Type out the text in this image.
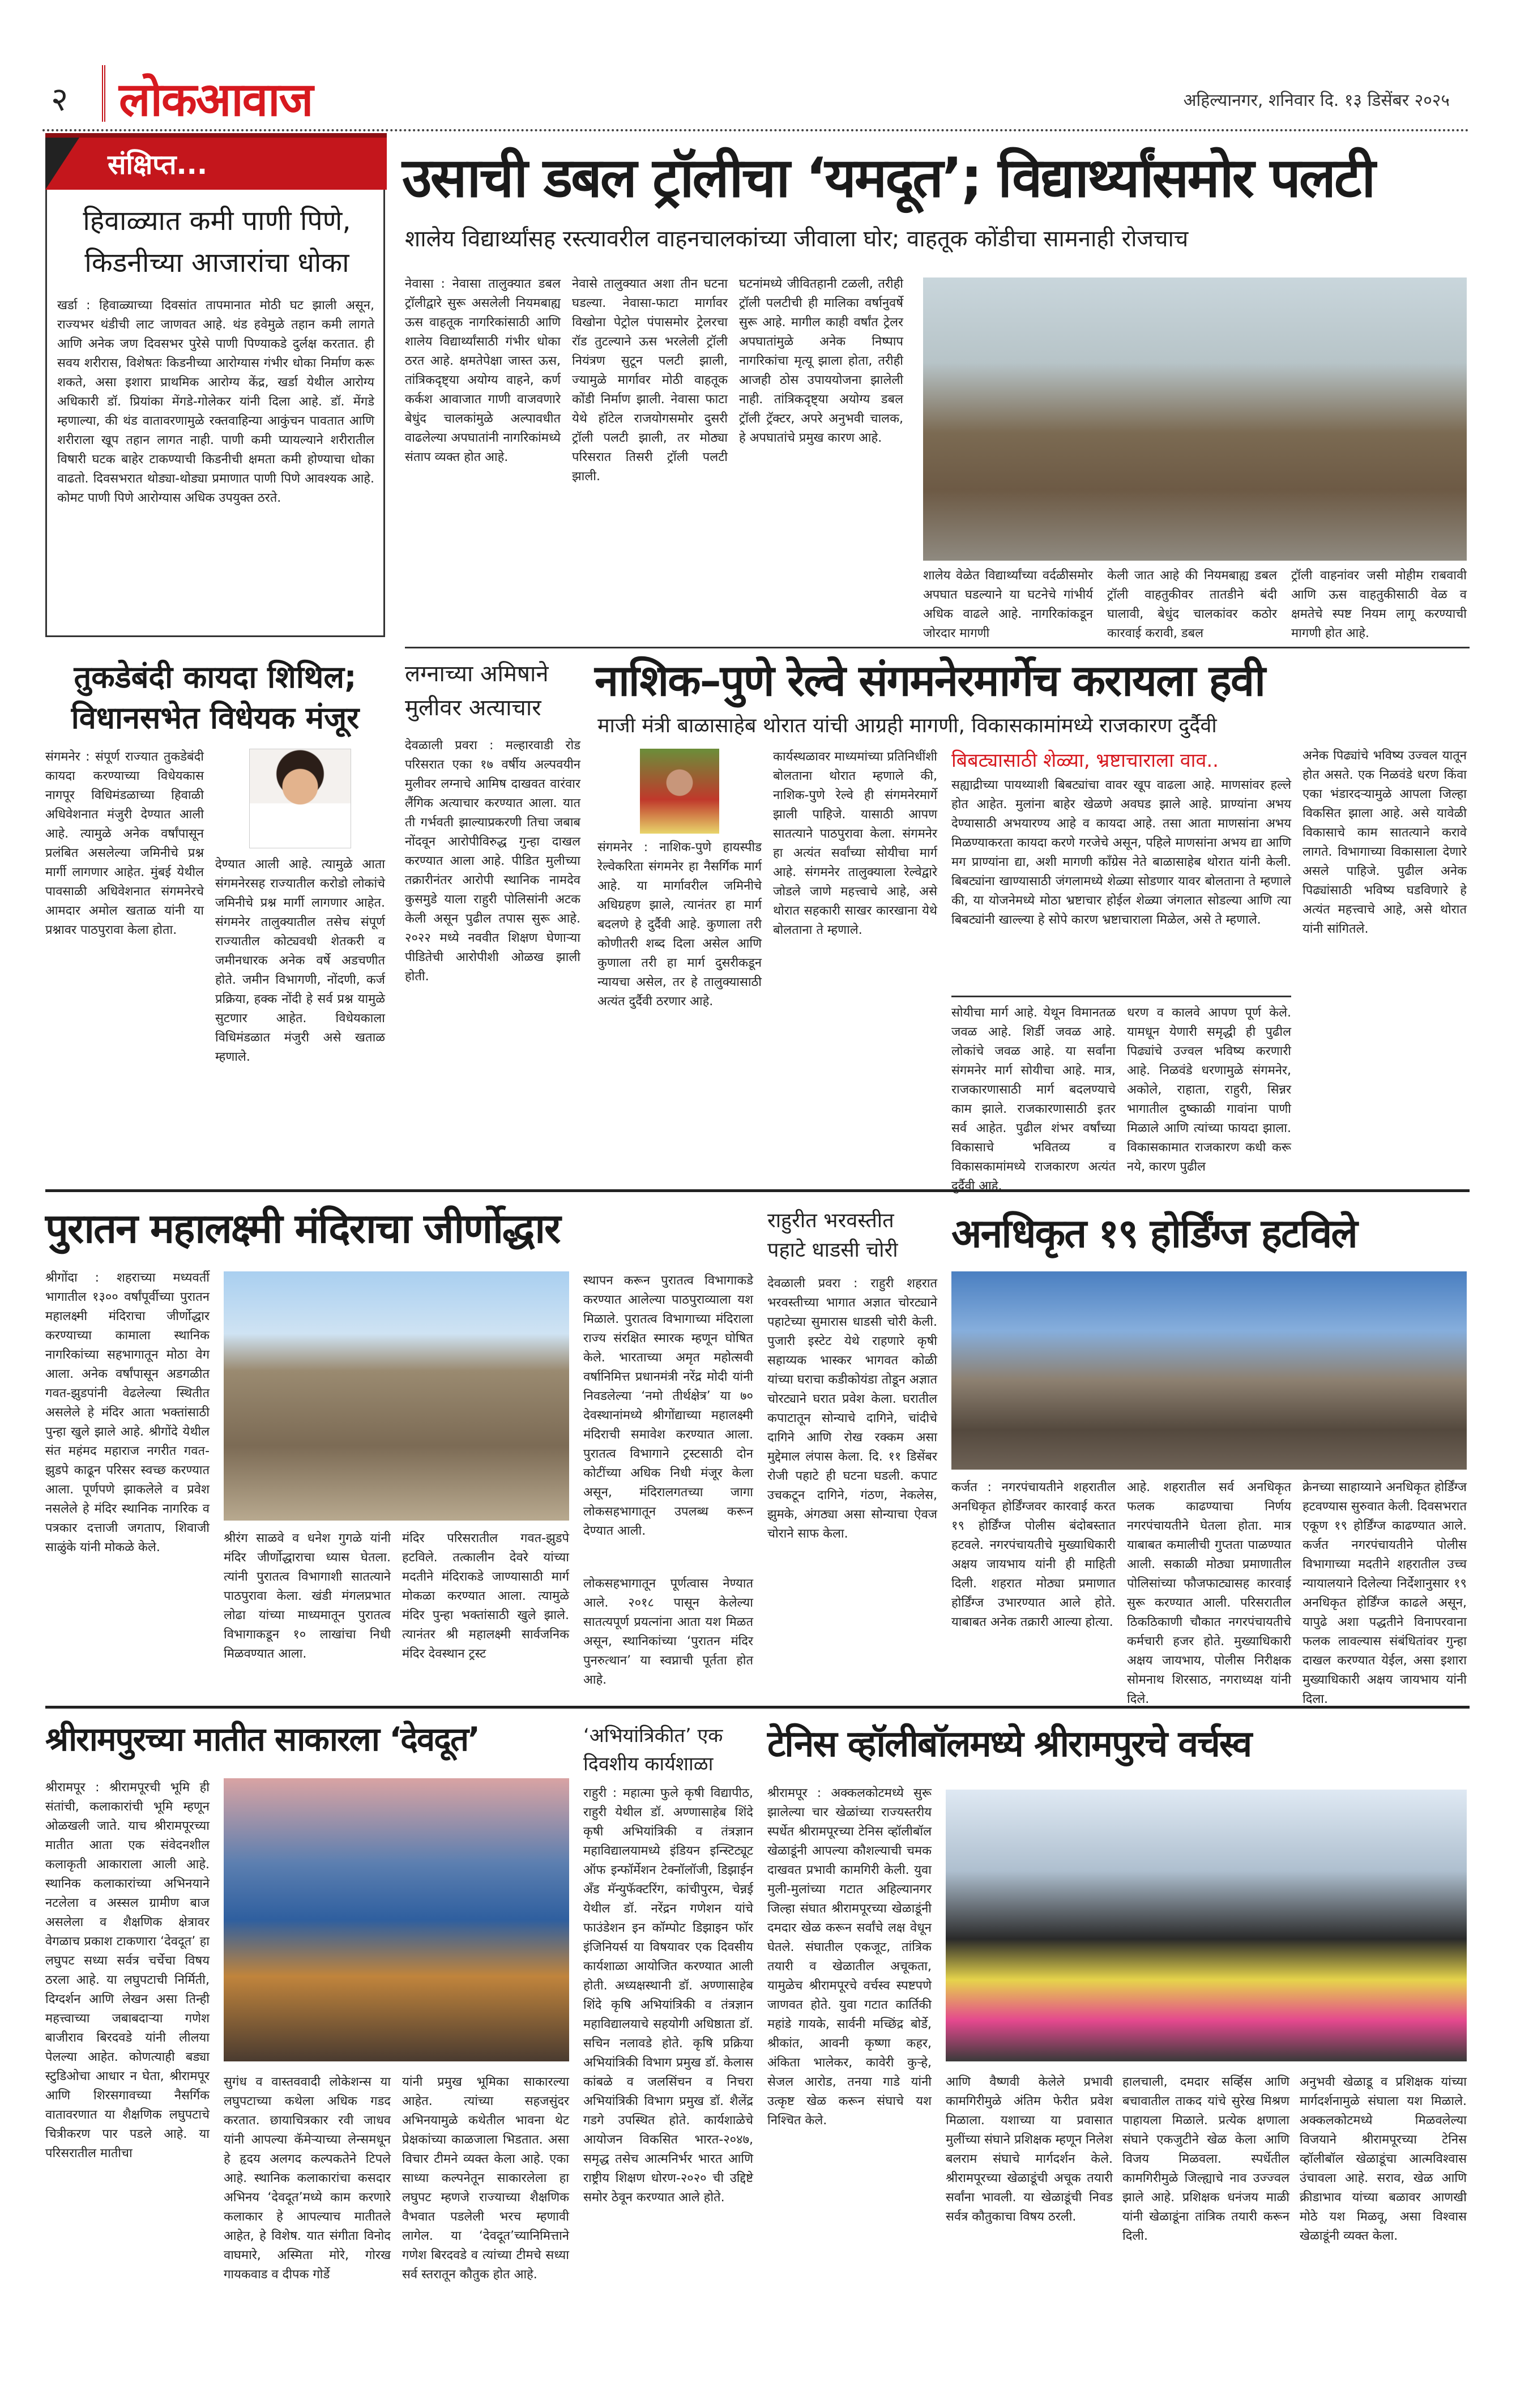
२ लोकआवाज	अहिल्यानगर, शनिवार दि. १३ डिसेंबर २०२५
संक्षिप्त...
हिवाळ्यात कमी पाणी पिणे,
किडनीच्या आजारांचा धोका
खर्डा : हिवाळ्याच्या दिवसांत तापमानात मोठी घट झाली असून, राज्यभर थंडीची लाट जाणवत आहे. थंड हवेमुळे तहान कमी लागते आणि अनेक जण दिवसभर पुरेसे पाणी पिण्याकडे दुर्लक्ष करतात. ही सवय शरीरास, विशेषतः किडनीच्या आरोग्यास गंभीर धोका निर्माण करू शकते, असा इशारा प्राथमिक आरोग्य केंद्र, खर्डा येथील आरोग्य अधिकारी डॉ. प्रियांका मेंगडे-गोलेकर यांनी दिला आहे. डॉ. मेंगडे म्हणाल्या, की थंड वातावरणामुळे रक्तवाहिन्या आकुंचन पावतात आणि शरीराला खूप तहान लागत नाही. पाणी कमी प्यायल्याने शरीरातील विषारी घटक बाहेर टाकण्याची किडनीची क्षमता कमी होण्याचा धोका वाढतो. दिवसभरात थोड्या-थोड्या प्रमाणात पाणी पिणे आवश्यक आहे. कोमट पाणी पिणे आरोग्यास अधिक उपयुक्त ठरते.
उसाची डबल ट्रॉलीचा ‘यमदूत’; विद्यार्थ्यांसमोर पलटी
शालेय विद्यार्थ्यांसह रस्त्यावरील वाहनचालकांच्या जीवाला घोर; वाहतूक कोंडीचा सामनाही रोजचाच
नेवासा : नेवासा तालुक्यात डबल ट्रॉलीद्वारे सुरू असलेली नियमबाह्य ऊस वाहतूक नागरिकांसाठी आणि शालेय विद्यार्थ्यांसाठी गंभीर धोका ठरत आहे. क्षमतेपेक्षा जास्त ऊस, तांत्रिकदृष्ट्या अयोग्य वाहने, कर्ण कर्कश आवाजात गाणी वाजवणारे बेधुंद चालकांमुळे अल्पावधीत वाढलेल्या अपघातांनी नागरिकांमध्ये संताप व्यक्त होत आहे.
नेवासे तालुक्यात अशा तीन घटना घडल्या. नेवासा-फाटा मार्गावर विखोना पेट्रोल पंपासमोर ट्रेलरचा रॉड तुटल्याने ऊस भरलेली ट्रॉली नियंत्रण सुटून पलटी झाली, ज्यामुळे मार्गावर मोठी वाहतूक कोंडी निर्माण झाली. नेवासा फाटा येथे हॉटेल राजयोगसमोर दुसरी ट्रॉली पलटी झाली, तर मोठ्या परिसरात तिसरी ट्रॉली पलटी झाली.
घटनांमध्ये जीवितहानी टळली, तरीही ट्रॉली पलटीची ही मालिका वर्षानुवर्षे सुरू आहे. मागील काही वर्षांत ट्रेलर अपघातांमुळे अनेक निष्पाप नागरिकांचा मृत्यू झाला होता, तरीही आजही ठोस उपाययोजना झालेली नाही. तांत्रिकदृष्ट्या अयोग्य डबल ट्रॉली ट्रॅक्टर, अपरे अनुभवी चालक, हे अपघातांचे प्रमुख कारण आहे.
शालेय वेळेत विद्यार्थ्यांच्या वर्दळीसमोर अपघात घडल्याने या घटनेचे गांभीर्य अधिक वाढले आहे. नागरिकांकडून जोरदार मागणी
केली जात आहे की नियमबाह्य डबल ट्रॉली वाहतुकीवर तातडीने बंदी घालावी, बेधुंद चालकांवर कठोर कारवाई करावी, डबल
ट्रॉली वाहनांवर जसी मोहीम राबवावी आणि ऊस वाहतुकीसाठी वेळ व क्षमतेचे स्पष्ट नियम लागू करण्याची मागणी होत आहे.
तुकडेबंदी कायदा शिथिल;
विधानसभेत विधेयक मंजूर
संगमनेर : संपूर्ण राज्यात तुकडेबंदी कायदा करण्याच्या विधेयकास नागपूर विधिमंडळाच्या हिवाळी अधिवेशनात मंजुरी देण्यात आली आहे. त्यामुळे अनेक वर्षांपासून प्रलंबित असलेल्या जमिनीचे प्रश्न मार्गी लागणार आहेत. मुंबई येथील पावसाळी अधिवेशनात संगमनेरचे आमदार अमोल खताळ यांनी या प्रश्नावर पाठपुरावा केला होता.
देण्यात आली आहे. त्यामुळे आता संगमनेरसह राज्यातील करोडो लोकांचे जमिनीचे प्रश्न मार्गी लागणार आहेत. संगमनेर तालुक्यातील तसेच संपूर्ण राज्यातील कोट्यवधी शेतकरी व जमीनधारक अनेक वर्षे अडचणीत होते. जमीन विभागणी, नोंदणी, कर्ज प्रक्रिया, हक्क नोंदी हे सर्व प्रश्न यामुळे सुटणार आहेत. विधेयकाला विधिमंडळात मंजुरी असे खताळ म्हणाले.
लग्नाच्या अमिषाने
मुलीवर अत्याचार
देवळाली प्रवरा : मल्हारवाडी रोड परिसरात एका १७ वर्षीय अल्पवयीन मुलीवर लग्नाचे आमिष दाखवत वारंवार लैंगिक अत्याचार करण्यात आला. यात ती गर्भवती झाल्याप्रकरणी तिचा जबाब नोंदवून आरोपीविरुद्ध गुन्हा दाखल करण्यात आला आहे. पीडित मुलीच्या तक्रारीनंतर आरोपी स्थानिक नामदेव कुसमुडे याला राहुरी पोलिसांनी अटक केली असून पुढील तपास सुरू आहे. २०२२ मध्ये नववीत शिक्षण घेणाऱ्या पीडितेची आरोपीशी ओळख झाली होती.
नाशिक–पुणे रेल्वे संगमनेरमार्गेच करायला हवी
माजी मंत्री बाळासाहेब थोरात यांची आग्रही मागणी, विकासकामांमध्ये राजकारण दुर्दैवी
संगमनेर : नाशिक-पुणे हायस्पीड रेल्वेकरिता संगमनेर हा नैसर्गिक मार्ग आहे. या मार्गावरील जमिनीचे अधिग्रहण झाले, त्यानंतर हा मार्ग बदलणे हे दुर्दैवी आहे. कुणाला तरी कोणीतरी शब्द दिला असेल आणि कुणाला तरी हा मार्ग दुसरीकडून न्यायचा असेल, तर हे तालुक्यासाठी अत्यंत दुर्दैवी ठरणार आहे.
कार्यस्थळावर माध्यमांच्या प्रतिनिधींशी बोलताना थोरात म्हणाले की, नाशिक-पुणे रेल्वे ही संगमनेरमार्गे झाली पाहिजे. यासाठी आपण सातत्याने पाठपुरावा केला. संगमनेर हा अत्यंत सर्वांच्या सोयीचा मार्ग आहे. संगमनेर तालुक्याला रेल्वेद्वारे जोडले जाणे महत्त्वाचे आहे, असे थोरात सहकारी साखर कारखाना येथे बोलताना ते म्हणाले.
बिबट्यासाठी शेळ्या, भ्रष्टाचाराला वाव..
सह्याद्रीच्या पायथ्याशी बिबट्यांचा वावर खूप वाढला आहे. माणसांवर हल्ले होत आहेत. मुलांना बाहेर खेळणे अवघड झाले आहे. प्राण्यांना अभय देण्यासाठी अभयारण्य आहे व कायदा आहे. तसा आता माणसांना अभय मिळण्याकरता कायदा करणे गरजेचे असून, पहिले माणसांना अभय द्या आणि मग प्राण्यांना द्या, अशी मागणी काँग्रेस नेते बाळासाहेब थोरात यांनी केली. बिबट्यांना खाण्यासाठी जंगलामध्ये शेळ्या सोडणार यावर बोलताना ते म्हणाले की, या योजनेमध्ये मोठा भ्रष्टाचार होईल शेळ्या जंगलात सोडल्या आणि त्या बिबट्यांनी खाल्ल्या हे सोपे कारण भ्रष्टाचाराला मिळेल, असे ते म्हणाले.
सोयीचा मार्ग आहे. येथून विमानतळ जवळ आहे. शिर्डी जवळ आहे. लोकांचे जवळ आहे. या सर्वांना संगमनेर मार्ग सोयीचा आहे. मात्र, राजकारणासाठी मार्ग बदलण्याचे काम झाले. राजकारणासाठी इतर सर्व आहेत. पुढील शंभर वर्षांच्या विकासाचे भवितव्य व विकासकामांमध्ये राजकारण अत्यंत दुर्दैवी आहे.
धरण व कालवे आपण पूर्ण केले. यामधून येणारी समृद्धी ही पुढील पिढ्यांचे उज्वल भविष्य करणारी आहे. निळवंडे धरणामुळे संगमनेर, अकोले, राहाता, राहुरी, सिन्नर भागातील दुष्काळी गावांना पाणी मिळाले आणि त्यांच्या फायदा झाला. विकासकामात राजकारण कधी करू नये, कारण पुढील
अनेक पिढ्यांचे भविष्य उज्वल यातून होत असते. एक निळवंडे धरण किंवा एका भंडारदऱ्यामुळे आपला जिल्हा विकसित झाला आहे. असे यावेळी विकासाचे काम सातत्याने करावे लागते. विभागाच्या विकासाला देणारे असले पाहिजे. पुढील अनेक पिढ्यांसाठी भविष्य घडविणारे हे अत्यंत महत्त्वाचे आहे, असे थोरात यांनी सांगितले.
पुरातन महालक्ष्मी मंदिराचा जीर्णोद्धार
श्रीगोंदा : शहराच्या मध्यवर्ती भागातील १३०० वर्षांपूर्वीच्या पुरातन महालक्ष्मी मंदिराचा जीर्णोद्धार करण्याच्या कामाला स्थानिक नागरिकांच्या सहभागातून मोठा वेग आला. अनेक वर्षांपासून अडगळीत गवत-झुडपांनी वेढलेल्या स्थितीत असलेले हे मंदिर आता भक्तांसाठी पुन्हा खुले झाले आहे. श्रीगोंदे येथील संत महंमद महाराज नगरीत गवत-झुडपे काढून परिसर स्वच्छ करण्यात आला. पूर्णपणे झाकलेले व प्रवेश नसलेले हे मंदिर स्थानिक नागरिक व पत्रकार दत्ताजी जगताप, शिवाजी साळुंके यांनी मोकळे केले.
श्रीरंग साळवे व धनेश गुगळे यांनी मंदिर जीर्णोद्धाराचा ध्यास घेतला. त्यांनी पुरातत्व विभागाशी सातत्याने पाठपुरावा केला. खंडी मंगलप्रभात लोढा यांच्या माध्यमातून पुरातत्व विभागाकडून १० लाखांचा निधी मिळवण्यात आला.
मंदिर परिसरातील गवत-झुडपे हटविले. तत्कालीन देवरे यांच्या मदतीने मंदिराकडे जाण्यासाठी मार्ग मोकळा करण्यात आला. त्यामुळे मंदिर पुन्हा भक्तांसाठी खुले झाले. त्यानंतर श्री महालक्ष्मी सार्वजनिक मंदिर देवस्थान ट्रस्ट
स्थापन करून पुरातत्व विभागाकडे करण्यात आलेल्या पाठपुराव्याला यश मिळाले. पुरातत्व विभागाच्या मंदिराला राज्य संरक्षित स्मारक म्हणून घोषित केले. भारताच्या अमृत महोत्सवी वर्षानिमित्त प्रधानमंत्री नरेंद्र मोदी यांनी निवडलेल्या ‘नमो तीर्थक्षेत्र’ या ७० देवस्थानांमध्ये श्रीगोंद्याच्या महालक्ष्मी मंदिराची समावेश करण्यात आला. पुरातत्व विभागाने ट्रस्टसाठी दोन कोटींच्या अधिक निधी मंजूर केला असून, मंदिरालगतच्या जागा लोकसहभागातून उपलब्ध करून देण्यात आली.
लोकसहभागातून पूर्णत्वास नेण्यात आले. २०१८ पासून केलेल्या सातत्यपूर्ण प्रयत्नांना आता यश मिळत असून, स्थानिकांच्या ‘पुरातन मंदिर पुनरुत्थान’ या स्वप्नाची पूर्तता होत आहे.
राहुरीत भरवस्तीत
पहाटे धाडसी चोरी
देवळाली प्रवरा : राहुरी शहरात भरवस्तीच्या भागात अज्ञात चोरट्याने पहाटेच्या सुमारास धाडसी चोरी केली. पुजारी इस्टेट येथे राहणारे कृषी सहाय्यक भास्कर भागवत कोळी यांच्या घराचा कडीकोयंडा तोडून अज्ञात चोरट्याने घरात प्रवेश केला. घरातील कपाटातून सोन्याचे दागिने, चांदीचे दागिने आणि रोख रक्कम असा मुद्देमाल लंपास केला. दि. ११ डिसेंबर रोजी पहाटे ही घटना घडली. कपाट उचकटून दागिने, गंठण, नेकलेस, झुमके, अंगठ्या असा सोन्याचा ऐवज चोराने साफ केला.
अनधिकृत १९ होर्डिंग्ज हटविले
कर्जत : नगरपंचायतीने शहरातील अनधिकृत होर्डिंग्जवर कारवाई करत १९ होर्डिंग्ज पोलीस बंदोबस्तात हटवले. नगरपंचायतीचे मुख्याधिकारी अक्षय जायभाय यांनी ही माहिती दिली. शहरात मोठ्या प्रमाणात होर्डिंग्ज उभारण्यात आले होते. याबाबत अनेक तक्रारी आल्या होत्या.
आहे. शहरातील सर्व अनधिकृत फलक काढण्याचा निर्णय नगरपंचायतीने घेतला होता. मात्र याबाबत कमालीची गुप्तता पाळण्यात आली. सकाळी मोठ्या प्रमाणातील पोलिसांच्या फौजफाट्यासह कारवाई सुरू करण्यात आली. परिसरातील ठिकठिकाणी चौकात नगरपंचायतीचे कर्मचारी हजर होते. मुख्याधिकारी अक्षय जायभाय, पोलीस निरीक्षक सोमनाथ शिरसाठ, नगराध्यक्ष यांनी दिले.
क्रेनच्या साहाय्याने अनधिकृत होर्डिंग्ज हटवण्यास सुरुवात केली. दिवसभरात एकूण १९ होर्डिंग्ज काढण्यात आले. कर्जत नगरपंचायतीने पोलीस विभागाच्या मदतीने शहरातील उच्च न्यायालयाने दिलेल्या निर्देशानुसार १९ अनधिकृत होर्डिंग्ज काढले असून, यापुढे अशा पद्धतीने विनापरवाना फलक लावल्यास संबंधितांवर गुन्हा दाखल करण्यात येईल, असा इशारा मुख्याधिकारी अक्षय जायभाय यांनी दिला.
श्रीरामपुरच्या मातीत साकारला ‘देवदूत’
श्रीरामपूर : श्रीरामपूरची भूमि ही संतांची, कलाकारांची भूमि म्हणून ओळखली जाते. याच श्रीरामपूरच्या मातीत आता एक संवेदनशील कलाकृती आकाराला आली आहे. स्थानिक कलाकारांच्या अभिनयाने नटलेला व अस्सल ग्रामीण बाज असलेला व शैक्षणिक क्षेत्रावर वेगळाच प्रकाश टाकणारा ‘देवदूत’ हा लघुपट सध्या सर्वत्र चर्चेचा विषय ठरला आहे. या लघुपटाची निर्मिती, दिग्दर्शन आणि लेखन असा तिन्ही महत्त्वाच्या जबाबदाऱ्या गणेश बाजीराव बिरदवडे यांनी लीलया पेलल्या आहेत. कोणत्याही बड्या स्टुडिओचा आधार न घेता, श्रीरामपूर आणि शिरसगावच्या नैसर्गिक वातावरणात या शैक्षणिक लघुपटाचे चित्रीकरण पार पडले आहे. या परिसरातील मातीचा
सुगंध व वास्तववादी लोकेशन्स या लघुपटाच्या कथेला अधिक गडद करतात. छायाचित्रकार रवी जाधव यांनी आपल्या कॅमेऱ्याच्या लेन्समधून हे हृदय अलगद कल्पकतेने टिपले आहे. स्थानिक कलाकारांचा कसदार अभिनय ‘देवदूत’मध्ये काम करणारे कलाकार हे आपल्याच मातीतले आहेत, हे विशेष. यात संगीता विनोद वाघमारे, अस्मिता मोरे, गोरख गायकवाड व दीपक गोर्डे
यांनी प्रमुख भूमिका साकारल्या आहेत. त्यांच्या सहजसुंदर अभिनयामुळे कथेतील भावना थेट प्रेक्षकांच्या काळजाला भिडतात. असा विचार टीमने व्यक्त केला आहे. एका साध्या कल्पनेतून साकारलेला हा लघुपट म्हणजे राज्याच्या शैक्षणिक वैभवात पडलेली भरच म्हणावी लागेल. या ‘देवदूत’च्यानिमित्ताने गणेश बिरदवडे व त्यांच्या टीमचे सध्या सर्व स्तरातून कौतुक होत आहे.
‘अभियांत्रिकीत’ एक
दिवशीय कार्यशाळा
राहुरी : महात्मा फुले कृषी विद्यापीठ, राहुरी येथील डॉ. अण्णासाहेब शिंदे कृषी अभियांत्रिकी व तंत्रज्ञान महाविद्यालयामध्ये इंडियन इन्स्टिट्यूट ऑफ इन्फॉर्मेशन टेक्नॉलॉजी, डिझाईन अँड मॅन्युफॅक्टरिंग, कांचीपुरम, चेन्नई येथील डॉ. नरेंद्रन गणेशन यांचे फाउंडेशन इन कॉम्पोट डिझाइन फॉर इंजिनियर्स या विषयावर एक दिवसीय कार्यशाळा आयोजित करण्यात आली होती. अध्यक्षस्थानी डॉ. अण्णासाहेब शिंदे कृषि अभियांत्रिकी व तंत्रज्ञान महाविद्यालयाचे सहयोगी अधिष्ठाता डॉ. सचिन नलावडे होते. कृषि प्रक्रिया अभियांत्रिकी विभाग प्रमुख डॉ. केलास कांबळे व जलसिंचन व निचरा अभियांत्रिकी विभाग प्रमुख डॉ. शैलेंद्र गडगे उपस्थित होते. कार्यशाळेचे आयोजन विकसित भारत-२०४७, समृद्ध तसेच आत्मनिर्भर भारत आणि राष्ट्रीय शिक्षण धोरण-२०२० ची उद्दिष्टे समोर ठेवून करण्यात आले होते.
टेनिस व्हॉलीबॉलमध्ये श्रीरामपुरचे वर्चस्व
श्रीरामपूर : अक्कलकोटमध्ये सुरू झालेल्या चार खेळांच्या राज्यस्तरीय स्पर्धेत श्रीरामपूरच्या टेनिस व्हॉलीबॉल खेळाडूंनी आपल्या कौशल्याची चमक दाखवत प्रभावी कामगिरी केली. युवा मुली-मुलांच्या गटात अहिल्यानगर जिल्हा संघात श्रीरामपूरच्या खेळाडूंनी दमदार खेळ करून सर्वांचे लक्ष वेधून घेतले. संघातील एकजूट, तांत्रिक तयारी व खेळातील अचूकता, यामुळेच श्रीरामपूरचे वर्चस्व स्पष्टपणे जाणवत होते. युवा गटात कार्तिकी महांडे गायके, सार्वनी मच्छिंद्र बोर्डे, श्रीकांत, आवनी कृष्णा कहर, अंकिता भालेकर, कावेरी कुऱ्हे, सेजल आरोड, तनया गाडे यांनी उत्कृष्ट खेळ करून संघाचे यश निश्चित केले.
आणि वैष्णवी केलेले प्रभावी कामगिरीमुळे अंतिम फेरीत प्रवेश मिळाला. यशाच्या या प्रवासात मुलींच्या संघाने प्रशिक्षक म्हणून निलेश बलराम संघाचे मार्गदर्शन केले. श्रीरामपूरच्या खेळाडूंची अचूक तयारी सर्वांना भावली. या खेळाडूंची निवड सर्वत्र कौतुकाचा विषय ठरली.
हालचाली, दमदार सर्व्हिस आणि बचावातील ताकद यांचे सुरेख मिश्रण पाहायला मिळाले. प्रत्येक क्षणाला संघाने एकजुटीने खेळ केला आणि विजय मिळवला. स्पर्धेतील कामगिरीमुळे जिल्ह्याचे नाव उज्ज्वल झाले आहे. प्रशिक्षक धनंजय माळी यांनी खेळाडूंना तांत्रिक तयारी करून दिली.
अनुभवी खेळाडू व प्रशिक्षक यांच्या मार्गदर्शनामुळे संघाला यश मिळाले. अक्कलकोटमध्ये मिळवलेल्या विजयाने श्रीरामपूरच्या टेनिस व्हॉलीबॉल खेळाडूंचा आत्मविश्वास उंचावला आहे. सराव, खेळ आणि क्रीडाभाव यांच्या बळावर आणखी मोठे यश मिळवू, असा विश्वास खेळाडूंनी व्यक्त केला.
